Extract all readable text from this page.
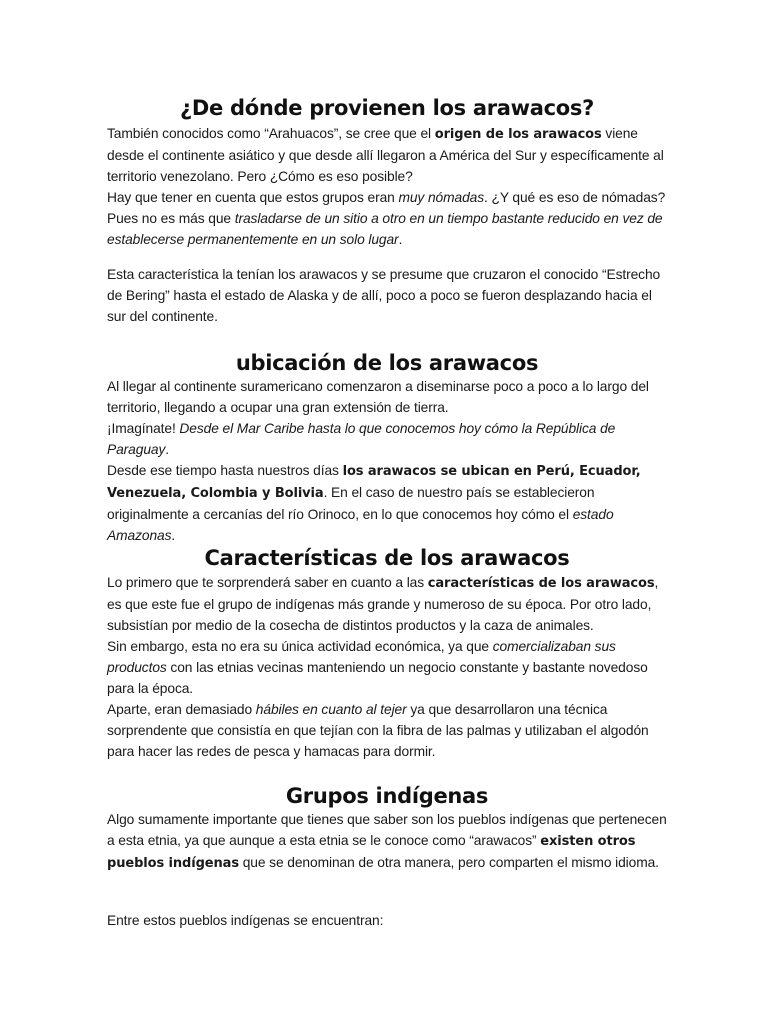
¿De dónde provienen los arawacos?

También conocidos como “Arahuacos”, se cree que el origen de los arawacos viene desde el continente asiático y que desde allí llegaron a América del Sur y específicamente al territorio venezolano. Pero ¿Cómo es eso posible?

Hay que tener en cuenta que estos grupos eran muy nómadas. ¿Y qué es eso de nómadas? Pues no es más que trasladarse de un sitio a otro en un tiempo bastante reducido en vez de establecerse permanentemente en un solo lugar.

Esta característica la tenían los arawacos y se presume que cruzaron el conocido “Estrecho de Bering” hasta el estado de Alaska y de allí, poco a poco se fueron desplazando hacia el sur del continente.

ubicación de los arawacos

Al llegar al continente suramericano comenzaron a diseminarse poco a poco a lo largo del territorio, llegando a ocupar una gran extensión de tierra.

¡Imagínate! Desde el Mar Caribe hasta lo que conocemos hoy cómo la República de Paraguay.

Desde ese tiempo hasta nuestros días los arawacos se ubican en Perú, Ecuador, Venezuela, Colombia y Bolivia. En el caso de nuestro país se establecieron originalmente a cercanías del río Orinoco, en lo que conocemos hoy cómo el estado Amazonas.

Características de los arawacos

Lo primero que te sorprenderá saber en cuanto a las características de los arawacos, es que este fue el grupo de indígenas más grande y numeroso de su época. Por otro lado, subsistían por medio de la cosecha de distintos productos y la caza de animales.

Sin embargo, esta no era su única actividad económica, ya que comercializaban sus productos con las etnias vecinas manteniendo un negocio constante y bastante novedoso para la época.

Aparte, eran demasiado hábiles en cuanto al tejer ya que desarrollaron una técnica sorprendente que consistía en que tejían con la fibra de las palmas y utilizaban el algodón para hacer las redes de pesca y hamacas para dormir.

Grupos indígenas

Algo sumamente importante que tienes que saber son los pueblos indígenas que pertenecen a esta etnia, ya que aunque a esta etnia se le conoce como “arawacos” existen otros pueblos indígenas que se denominan de otra manera, pero comparten el mismo idioma.

Entre estos pueblos indígenas se encuentran:
